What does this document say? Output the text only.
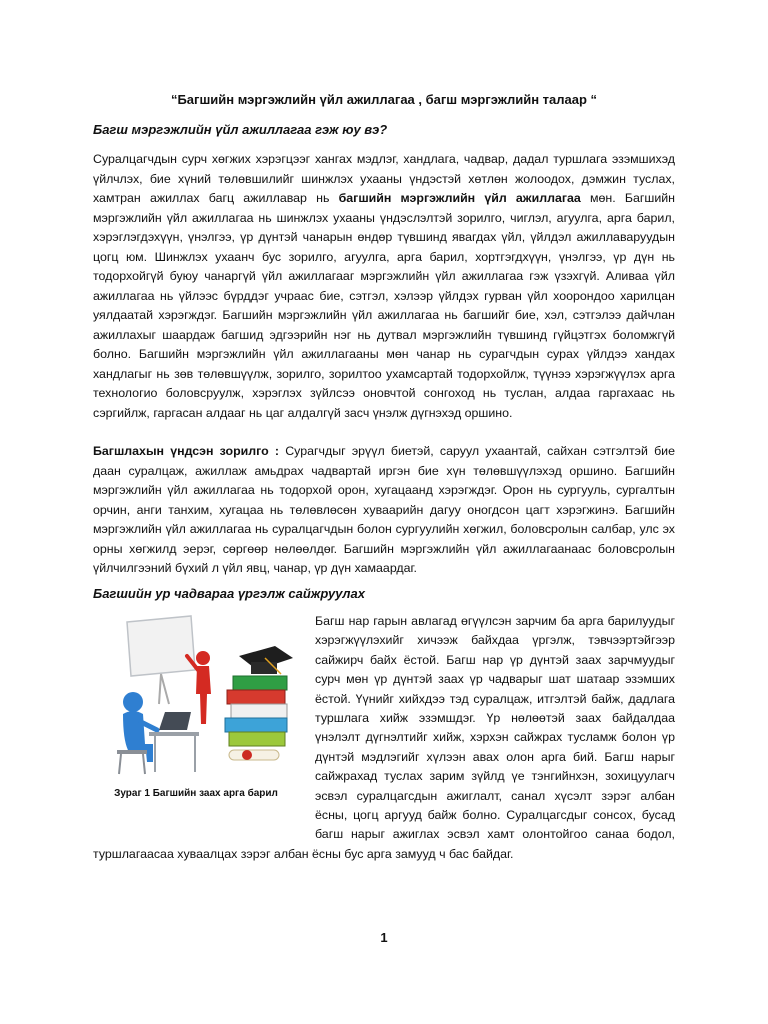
“Багшийн мэргэжлийн үйл ажиллагаа , багш мэргэжлийн талаар “
Багш мэргэжлийн үйл ажиллагаа гэж юу вэ?

Суралцагчдын сурч хөгжих хэрэгцээг хангах мэдлэг, хандлага, чадвар, дадал туршлага эзэмшихэд үйлчлэх, бие хүний төлөвшилийг шинжлэх ухааны үндэстэй хөтлөн жолоодох, дэмжин туслах, хамтран ажиллах багц ажиллавар нь багшийн мэргэжлийн үйл ажиллагаа мөн. Багшийн мэргэжлийн үйл ажиллагаа нь шинжлэх ухааны үндэслэлтэй зорилго, чиглэл, агуулга, арга барил, хэрэглэгдэхүүн, үнэлгээ, үр дүнтэй чанарын өндөр түвшинд явагдах үйл, үйлдэл ажиллаваруудын цогц юм. Шинжлэх ухаанч бус зорилго, агуулга, арга барил, хортгэгдхүүн, үнэлгээ, үр дүн нь тодорхойгүй буюу чанаргүй үйл ажиллагааг мэргэжлийн үйл ажиллагаа гэж үзэхгүй. Аливаа үйл ажиллагаа нь үйлээс бүрддэг учраас бие, сэтгэл, хэлээр үйлдэх гурван үйл хоорондоо харилцан уялдаатай хэрэгждэг. Багшийн мэргэжлийн үйл ажиллагаа нь багшийг бие, хэл, сэтгэлээ дайчлан ажиллахыг шаардаж багшид эдгээрийн нэг нь дутвал мэргэжлийн түвшинд гүйцэтгэх боломжгүй болно. Багшийн мэргэжлийн үйл ажиллагааны мөн чанар нь сурагчдын сурах үйлдээ хандах хандлагыг нь зөв төлөвшүүлж, зорилго, зорилтоо ухамсартай тодорхойлж, түүнээ хэрэгжүүлэх арга технологио боловсруулж, хэрэглэх зүйлсээ оновчтой сонгоход нь туслан, алдаа гаргахаас нь сэргийлж, гаргасан алдааг нь цаг алдалгүй засч үнэлж дүгнэхэд оршино.

Багшлахын үндсэн зорилго : Сурагчдыг эрүүл биетэй, саруул ухаантай, сайхан сэтгэлтэй бие даан суралцаж, ажиллаж амьдрах чадвартай иргэн бие хүн төлөвшүүлэхэд оршино. Багшийн мэргэжлийн үйл ажиллагаа нь тодорхой орон, хугацаанд хэрэгждэг. Орон нь сургууль, сургалтын орчин, анги танхим, хугацаа нь төлөвлөсөн хуваарийн дагуу оногдсон цагт хэрэгжинэ. Багшийн мэргэжлийн үйл ажиллагаа нь суралцагчдын болон сургуулийн хөгжил, боловсролын салбар, улс эх орны хөгжилд эерэг, сөргөөр нөлөөлдөг. Багшийн мэргэжлийн үйл ажиллагаанаас боловсролын үйлчилгээний бүхий л үйл явц, чанар, үр дүн хамаардаг.

Багшийн ур чадвараа үргэлж сайжруулах
Зураг 1 Багшийн заах арга барил

Багш нар гарын авлагад өгүүлсэн зарчим ба арга барилуудыг хэрэгжүүлэхийг хичээж байхдаа үргэлж, тэвчээртэйгээр сайжирч байх ёстой. Багш нар үр дүнтэй заах зарчмуудыг сурч мөн үр дүнтэй заах үр чадварыг шат шатаар эзэмших ёстой. Үүнийг хийхдээ тэд суралцаж, итгэлтэй байж, дадлага туршлага хийж эзэмшдэг. Үр нөлөөтэй заах байдалдаа үнэлэлт дүгнэлтийг хийж, хэрхэн сайжрах тусламж болон үр дүнтэй мэдлэгийг хүлээн авах олон арга бий. Багш нарыг сайжрахад туслах зарим зүйлд үе тэнгийнхэн, зохицуулагч эсвэл суралцагсдын ажиглалт, санал хүсэлт зэрэг албан ёсны, цогц аргууд байж болно. Суралцагсдыг сонсох, бусад багш нарыг ажиглах эсвэл хамт олонтойгоо санаа бодол, туршлагаасаа хуваалцах зэрэг албан ёсны бус арга замууд ч бас байдаг.

1
